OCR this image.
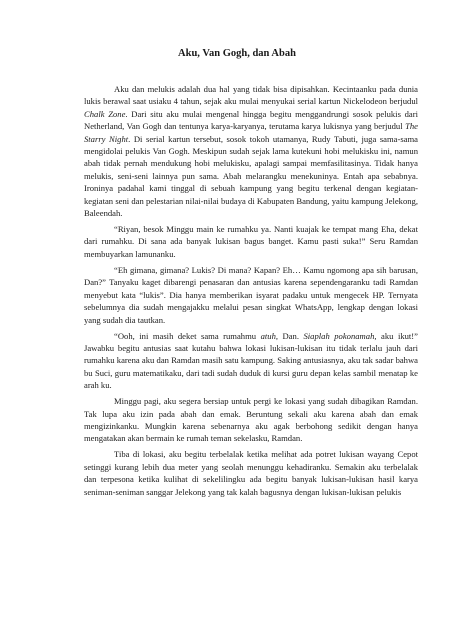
Aku, Van Gogh, dan Abah

Aku dan melukis adalah dua hal yang tidak bisa dipisahkan. Kecintaanku pada dunia lukis berawal saat usiaku 4 tahun, sejak aku mulai menyukai serial kartun Nickelodeon berjudul Chalk Zone. Dari situ aku mulai mengenal hingga begitu menggandrungi sosok pelukis dari Netherland, Van Gogh dan tentunya karya-karyanya, terutama karya lukisnya yang berjudul The Starry Night. Di serial kartun tersebut, sosok tokoh utamanya, Rudy Tabuti, juga sama-sama mengidolai pelukis Van Gogh. Meskipun sudah sejak lama kutekuni hobi melukisku ini, namun abah tidak pernah mendukung hobi melukisku, apalagi sampai memfasilitasinya. Tidak hanya melukis, seni-seni lainnya pun sama. Abah melarangku menekuninya. Entah apa sebabnya. Ironinya padahal kami tinggal di sebuah kampung yang begitu terkenal dengan kegiatan-kegiatan seni dan pelestarian nilai-nilai budaya di Kabupaten Bandung, yaitu kampung Jelekong, Baleendah.

“Riyan, besok Minggu main ke rumahku ya. Nanti kuajak ke tempat mang Eha, dekat dari rumahku. Di sana ada banyak lukisan bagus banget. Kamu pasti suka!” Seru Ramdan membuyarkan lamunanku.

“Eh gimana, gimana? Lukis? Di mana? Kapan? Eh… Kamu ngomong apa sih barusan, Dan?” Tanyaku kaget dibarengi penasaran dan antusias karena sependengaranku tadi Ramdan menyebut kata “lukis”. Dia hanya memberikan isyarat padaku untuk mengecek HP. Ternyata sebelumnya dia sudah mengajakku melalui pesan singkat WhatsApp, lengkap dengan lokasi yang sudah dia tautkan.

“Ooh, ini masih deket sama rumahmu atuh, Dan. Siaplah pokonamah, aku ikut!” Jawabku begitu antusias saat kutahu bahwa lokasi lukisan-lukisan itu tidak terlalu jauh dari rumahku karena aku dan Ramdan masih satu kampung. Saking antusiasnya, aku tak sadar bahwa bu Suci, guru matematikaku, dari tadi sudah duduk di kursi guru depan kelas sambil menatap ke arah ku.

Minggu pagi, aku segera bersiap untuk pergi ke lokasi yang sudah dibagikan Ramdan. Tak lupa aku izin pada abah dan emak. Beruntung sekali aku karena abah dan emak mengizinkanku. Mungkin karena sebenarnya aku agak berbohong sedikit dengan hanya mengatakan akan bermain ke rumah teman sekelasku, Ramdan.

Tiba di lokasi, aku begitu terbelalak ketika melihat ada potret lukisan wayang Cepot setinggi kurang lebih dua meter yang seolah menunggu kehadiranku. Semakin aku terbelalak dan terpesona ketika kulihat di sekelilingku ada begitu banyak lukisan-lukisan hasil karya seniman-seniman sanggar Jelekong yang tak kalah bagusnya dengan lukisan-lukisan pelukis
